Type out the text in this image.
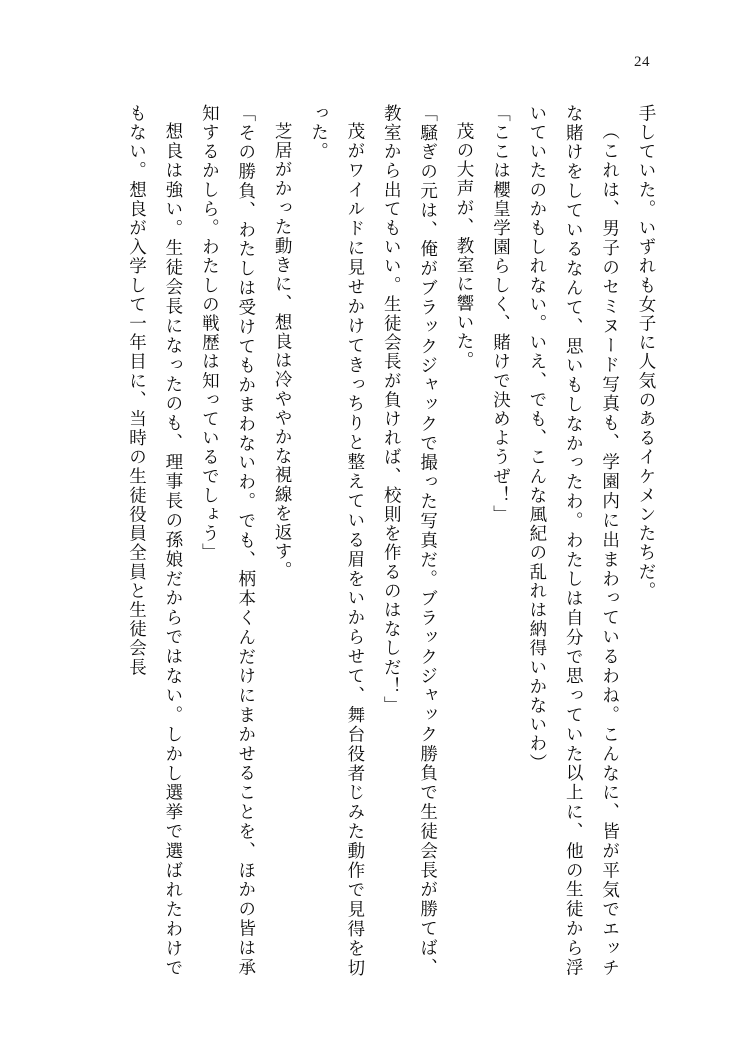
24

手していた。いずれも女子に人気のあるイケメンたちだ。

（これは、男子のセミヌード写真も、学園内に出まわっているわね。こんなに、皆が平気でエッチな賭けをしているなんて、思いもしなかったわ。わたしは自分で思っていた以上に、他の生徒から浮いていたのかもしれない。いえ、でも、こんな風紀の乱れは納得いかないわ）

「ここは櫻皇学園らしく、賭けで決めようぜ！」

茂の大声が、教室に響いた。

「騒ぎの元は、俺がブラックジャックで撮った写真だ。ブラックジャック勝負で生徒会長が勝てば、教室から出てもいい。生徒会長が負ければ、校則を作るのはなしだ！」

茂がワイルドに見せかけてきっちりと整えている眉をいからせて、舞台役者じみた動作で見得を切った。

芝居がかった動きに、想良は冷ややかな視線を返す。

「その勝負、わたしは受けてもかまわないわ。でも、柄本くんだけにまかせることを、ほかの皆は承知するかしら。わたしの戦歴は知っているでしょう」

想良は強い。生徒会長になったのも、理事長の孫娘だからではない。しかし選挙で選ばれたわけでもない。想良が入学して一年目に、当時の生徒役員全員と生徒会長
